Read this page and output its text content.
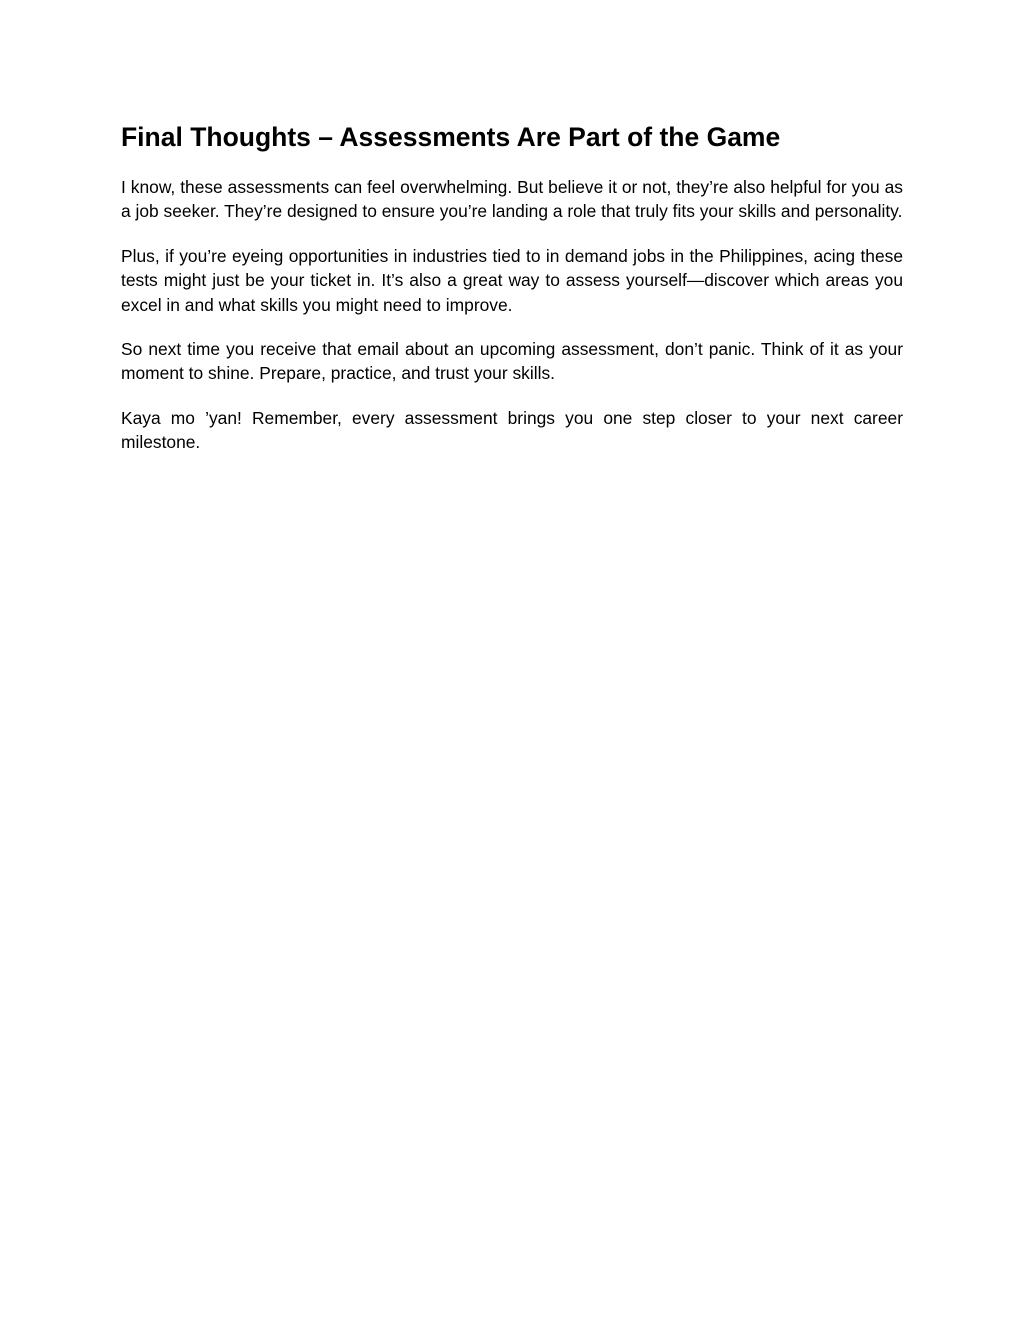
Final Thoughts – Assessments Are Part of the Game

I know, these assessments can feel overwhelming. But believe it or not, they’re also helpful for you as a job seeker. They’re designed to ensure you’re landing a role that truly fits your skills and personality.

Plus, if you’re eyeing opportunities in industries tied to in demand jobs in the Philippines, acing these tests might just be your ticket in. It’s also a great way to assess yourself—discover which areas you excel in and what skills you might need to improve.

So next time you receive that email about an upcoming assessment, don’t panic. Think of it as your moment to shine. Prepare, practice, and trust your skills.

Kaya mo ’yan! Remember, every assessment brings you one step closer to your next career milestone.
